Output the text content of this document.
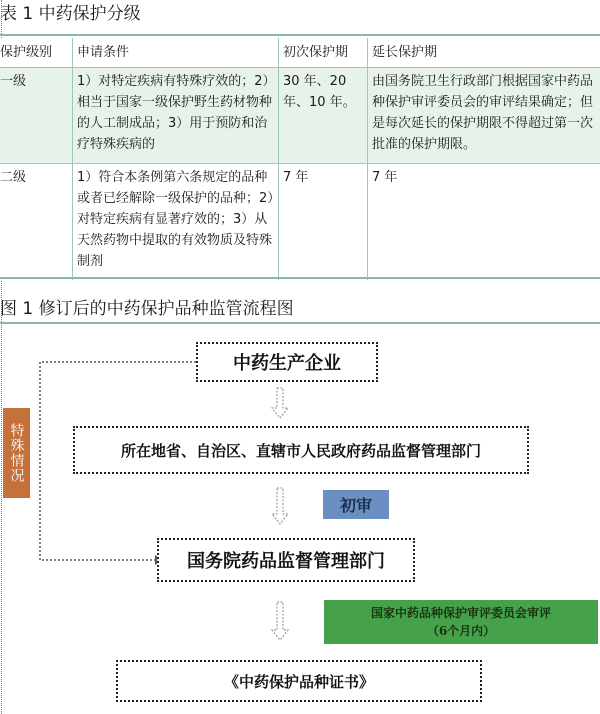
表 1 中药保护分级
保护级别	申请条件	初次保护期	延长保护期

一级	1）对特定疾病有特殊疗效的；2）相当于国家一级保护野生药材物种的人工制成品；3）用于预防和治疗特殊疾病的	30 年、20 年、10 年。	由国务院卫生行政部门根据国家中药品种保护审评委员会的审评结果确定；但是每次延长的保护期限不得超过第一次批准的保护期限。

二级	1）符合本条例第六条规定的品种或者已经解除一级保护的品种；2）对特定疾病有显著疗效的；3）从天然药物中提取的有效物质及特殊制剂	7 年	7 年
图 1 修订后的中药保护品种监管流程图
中药生产企业
特殊情况	所在地省、自治区、直辖市人民政府药品监督管理部门
初审
国务院药品监督管理部门
国家中药品种保护审评委员会审评
（6个月内）
《中药保护品种证书》
